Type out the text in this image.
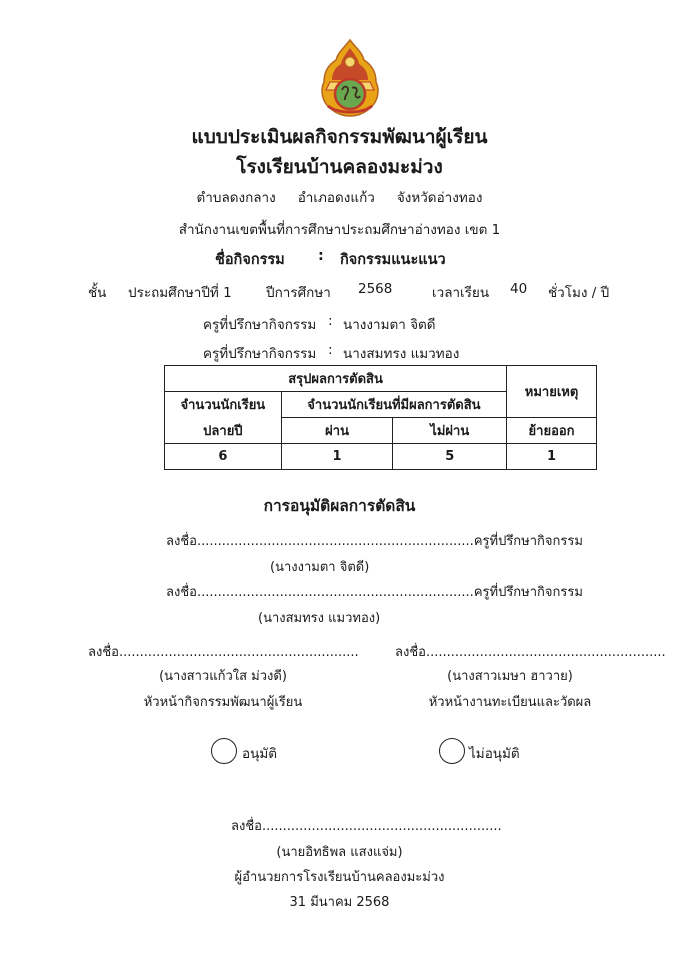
แบบประเมินผลกิจกรรมพัฒนาผู้เรียน
โรงเรียนบ้านคลองมะม่วง
ตำบลดงกลาง อำเภอดงแก้ว จังหวัดอ่างทอง
สำนักงานเขตพื้นที่การศึกษาประถมศึกษาอ่างทอง เขต 1
ชื่อกิจกรรม : กิจกรรมแนะแนว
ชั้น ประถมศึกษาปีที่ 1	ปีการศึกษา 2568	เวลาเรียน 40 ชั่วโมง / ปี
ครูที่ปรึกษากิจกรรม : นางงามตา จิตดี
ครูที่ปรึกษากิจกรรม : นางสมทรง แมวทอง
สรุปผลการตัดสิน			หมายเหตุ
จำนวนนักเรียน	จำนวนนักเรียนที่มีผลการตัดสิน		
ปลายปี	ผ่าน	ไม่ผ่าน	ย้ายออก
6	1	5	1
การอนุมัติผลการตัดสิน
ลงชื่อ...................................................................ครูที่ปรึกษากิจกรรม
(นางงามตา จิตดี)
ลงชื่อ...................................................................ครูที่ปรึกษากิจกรรม
(นางสมทรง แมวทอง)
ลงชื่อ..........................................................	ลงชื่อ..........................................................
(นางสาวแก้วใส ม่วงดี)
หัวหน้ากิจกรรมพัฒนาผู้เรียน
(นางสาวเมษา ฮาวาย)
หัวหน้างานทะเบียนและวัดผล
อนุมัติ	ไม่อนุมัติ
ลงชื่อ..........................................................
(นายอิทธิพล แสงแจ่ม)
ผู้อำนวยการโรงเรียนบ้านคลองมะม่วง
31 มีนาคม 2568
